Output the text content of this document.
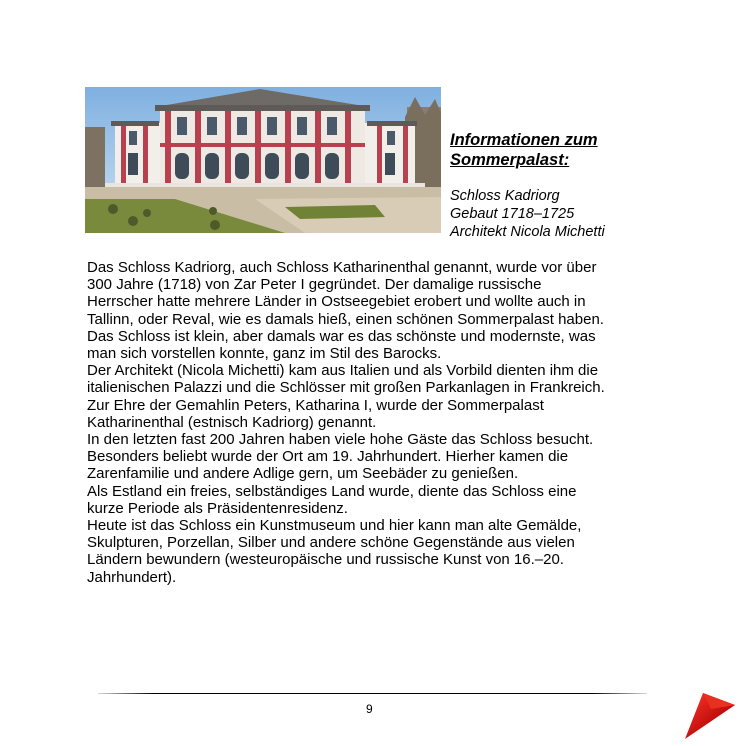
Informationen zum
Sommerpalast:

Schloss Kadriorg
Gebaut 1718–1725
Architekt Nicola Michetti
Das Schloss Kadriorg, auch Schloss Katharinenthal genannt, wurde vor über
300 Jahre (1718) von Zar Peter I gegründet. Der damalige russische
Herrscher hatte mehrere Länder in Ostseegebiet erobert und wollte auch in
Tallinn, oder Reval, wie es damals hieß, einen schönen Sommerpalast haben.
Das Schloss ist klein, aber damals war es das schönste und modernste, was
man sich vorstellen konnte, ganz im Stil des Barocks.
Der Architekt (Nicola Michetti) kam aus Italien und als Vorbild dienten ihm die
italienischen Palazzi und die Schlösser mit großen Parkanlagen in Frankreich.
Zur Ehre der Gemahlin Peters, Katharina I, wurde der Sommerpalast
Katharinenthal (estnisch Kadriorg) genannt.
In den letzten fast 200 Jahren haben viele hohe Gäste das Schloss besucht.
Besonders beliebt wurde der Ort am 19. Jahrhundert. Hierher kamen die
Zarenfamilie und andere Adlige gern, um Seebäder zu genießen.
Als Estland ein freies, selbständiges Land wurde, diente das Schloss eine
kurze Periode als Präsidentenresidenz.
Heute ist das Schloss ein Kunstmuseum und hier kann man alte Gemälde,
Skulpturen, Porzellan, Silber und andere schöne Gegenstände aus vielen
Ländern bewundern (westeuropäische und russische Kunst von 16.–20.
Jahrhundert).
9
